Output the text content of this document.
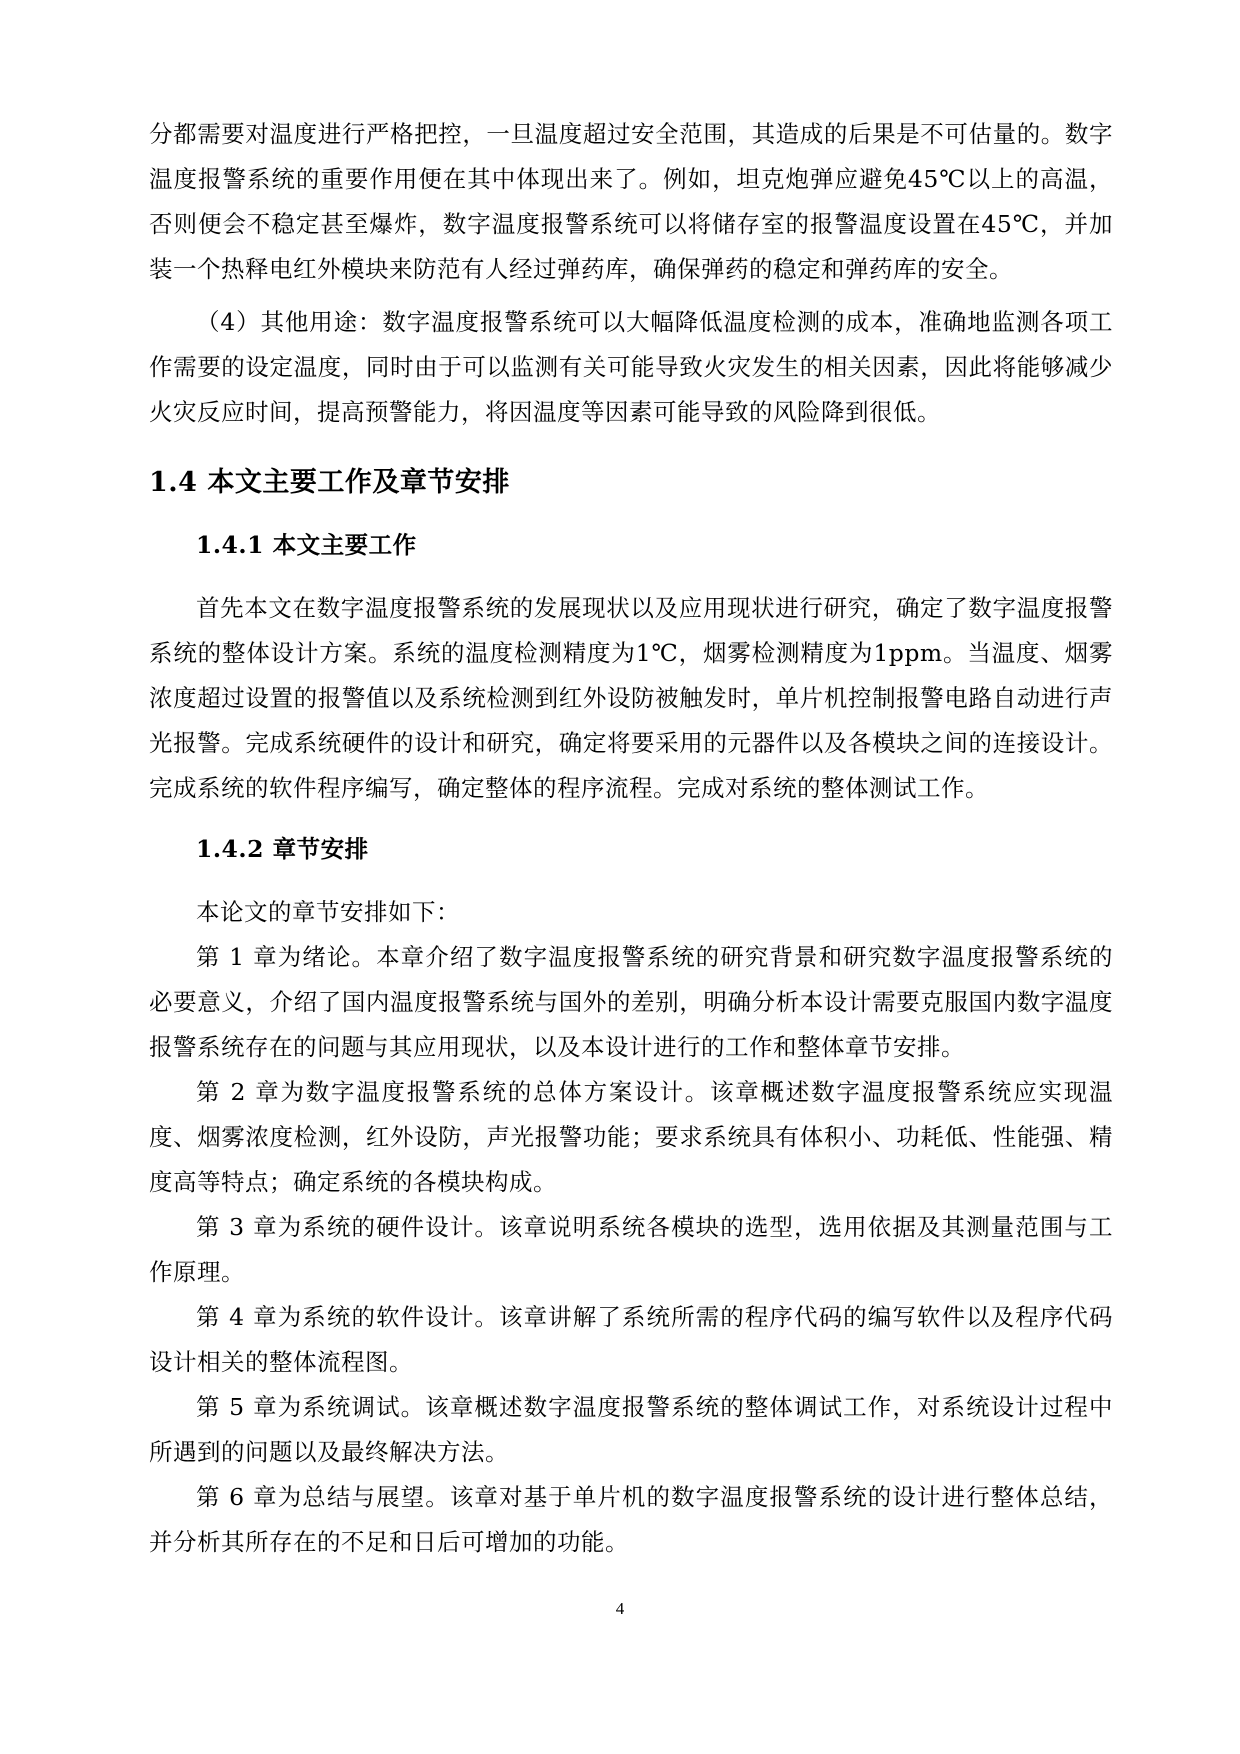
分都需要对温度进行严格把控，一旦温度超过安全范围，其造成的后果是不可估量的。数字温度报警系统的重要作用便在其中体现出来了。例如，坦克炮弹应避免45℃以上的高温，否则便会不稳定甚至爆炸，数字温度报警系统可以将储存室的报警温度设置在45℃，并加装一个热释电红外模块来防范有人经过弹药库，确保弹药的稳定和弹药库的安全。

（4）其他用途：数字温度报警系统可以大幅降低温度检测的成本，准确地监测各项工作需要的设定温度，同时由于可以监测有关可能导致火灾发生的相关因素，因此将能够减少火灾反应时间，提高预警能力，将因温度等因素可能导致的风险降到很低。

1.4 本文主要工作及章节安排
1.4.1 本文主要工作

首先本文在数字温度报警系统的发展现状以及应用现状进行研究，确定了数字温度报警系统的整体设计方案。系统的温度检测精度为1℃，烟雾检测精度为1ppm。当温度、烟雾浓度超过设置的报警值以及系统检测到红外设防被触发时，单片机控制报警电路自动进行声光报警。完成系统硬件的设计和研究，确定将要采用的元器件以及各模块之间的连接设计。完成系统的软件程序编写，确定整体的程序流程。完成对系统的整体测试工作。

1.4.2 章节安排

本论文的章节安排如下：

第 1 章为绪论。本章介绍了数字温度报警系统的研究背景和研究数字温度报警系统的必要意义，介绍了国内温度报警系统与国外的差别，明确分析本设计需要克服国内数字温度报警系统存在的问题与其应用现状，以及本设计进行的工作和整体章节安排。

第 2 章为数字温度报警系统的总体方案设计。该章概述数字温度报警系统应实现温度、烟雾浓度检测，红外设防，声光报警功能；要求系统具有体积小、功耗低、性能强、精度高等特点；确定系统的各模块构成。

第 3 章为系统的硬件设计。该章说明系统各模块的选型，选用依据及其测量范围与工作原理。

第 4 章为系统的软件设计。该章讲解了系统所需的程序代码的编写软件以及程序代码设计相关的整体流程图。

第 5 章为系统调试。该章概述数字温度报警系统的整体调试工作，对系统设计过程中所遇到的问题以及最终解决方法。

第 6 章为总结与展望。该章对基于单片机的数字温度报警系统的设计进行整体总结，并分析其所存在的不足和日后可增加的功能。

4
